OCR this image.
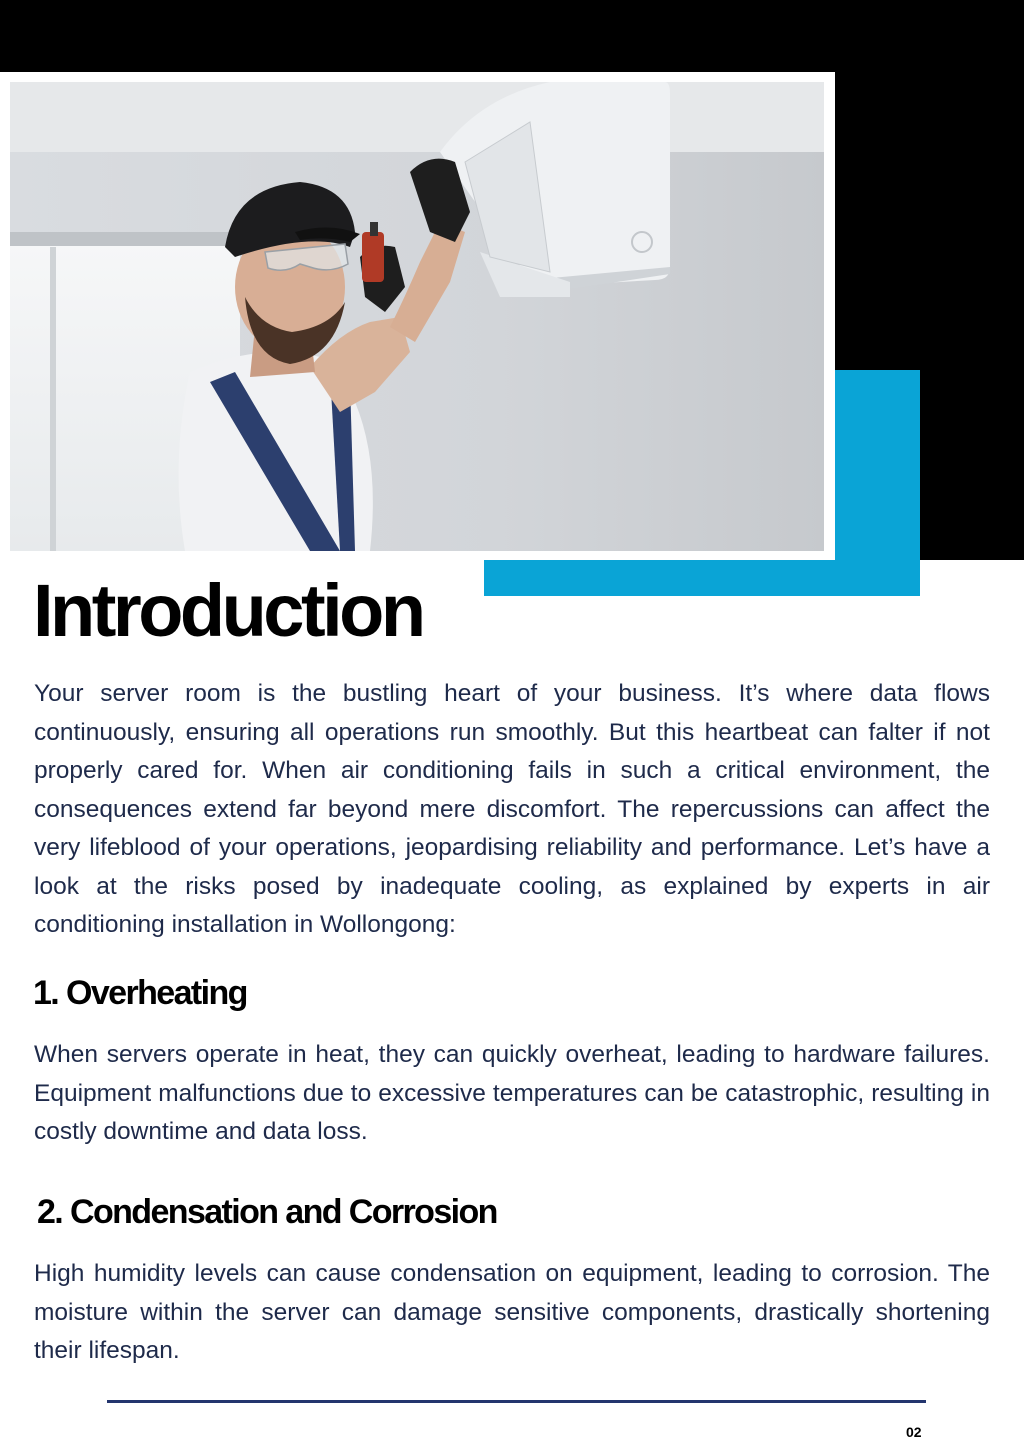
Introduction

Your server room is the bustling heart of your business. It’s where data flows continuously, ensuring all operations run smoothly. But this heartbeat can falter if not properly cared for. When air conditioning fails in such a critical environment, the consequences extend far beyond mere discomfort. The repercussions can affect the very lifeblood of your operations, jeopardising reliability and performance. Let’s have a look at the risks posed by inadequate cooling, as explained by experts in air conditioning installation in Wollongong:

1. Overheating

When servers operate in heat, they can quickly overheat, leading to hardware failures. Equipment malfunctions due to excessive temperatures can be catastrophic, resulting in costly downtime and data loss.

2. Condensation and Corrosion

High humidity levels can cause condensation on equipment, leading to corrosion. The moisture within the server can damage sensitive components, drastically shortening their lifespan.

02
